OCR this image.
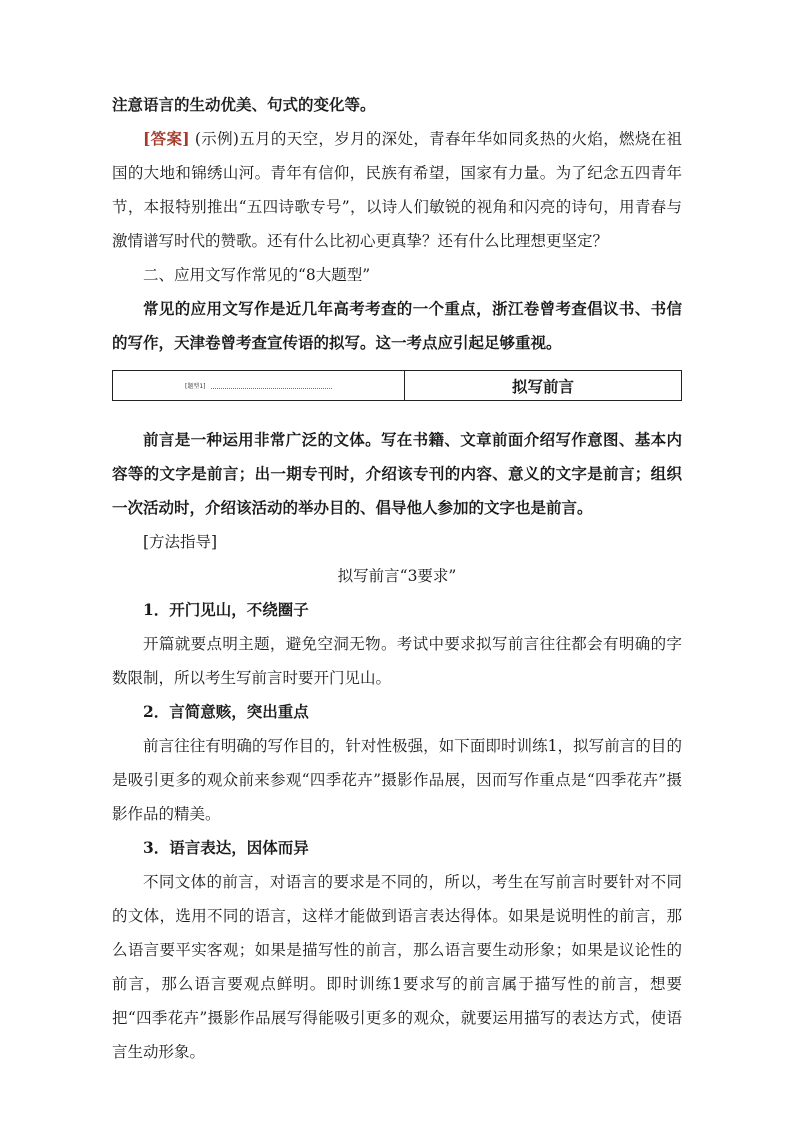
注意语言的生动优美、句式的变化等。

[答案] (示例)五月的天空，岁月的深处，青春年华如同炙热的火焰，燃烧在祖国的大地和锦绣山河。青年有信仰，民族有希望，国家有力量。为了纪念五四青年节，本报特别推出“五四诗歌专号”，以诗人们敏锐的视角和闪亮的诗句，用青春与激情谱写时代的赞歌。还有什么比初心更真挚？还有什么比理想更坚定？

二、应用文写作常见的“8大题型”

常见的应用文写作是近几年高考考查的一个重点，浙江卷曾考查倡议书、书信的写作，天津卷曾考查宣传语的拟写。这一考点应引起足够重视。

[题型1]	拟写前言

前言是一种运用非常广泛的文体。写在书籍、文章前面介绍写作意图、基本内容等的文字是前言；出一期专刊时，介绍该专刊的内容、意义的文字是前言；组织一次活动时，介绍该活动的举办目的、倡导他人参加的文字也是前言。

[方法指导]

拟写前言“3要求”

1．开门见山，不绕圈子

开篇就要点明主题，避免空洞无物。考试中要求拟写前言往往都会有明确的字数限制，所以考生写前言时要开门见山。

2．言简意赅，突出重点

前言往往有明确的写作目的，针对性极强，如下面即时训练1，拟写前言的目的是吸引更多的观众前来参观“四季花卉”摄影作品展，因而写作重点是“四季花卉”摄影作品的精美。

3．语言表达，因体而异

不同文体的前言，对语言的要求是不同的，所以，考生在写前言时要针对不同的文体，选用不同的语言，这样才能做到语言表达得体。如果是说明性的前言，那么语言要平实客观；如果是描写性的前言，那么语言要生动形象；如果是议论性的前言，那么语言要观点鲜明。即时训练1要求写的前言属于描写性的前言，想要把“四季花卉”摄影作品展写得能吸引更多的观众，就要运用描写的表达方式，使语言生动形象。
